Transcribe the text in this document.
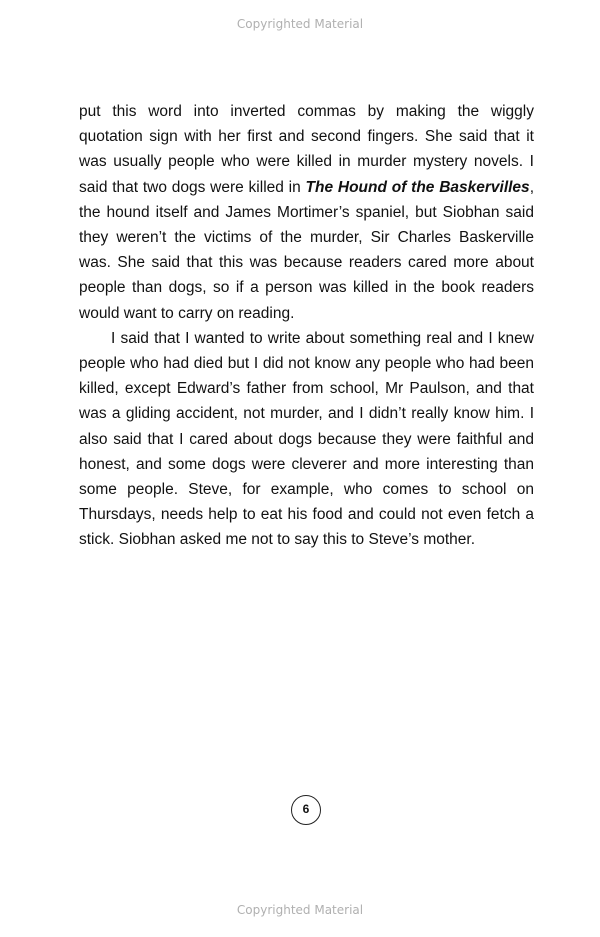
Copyrighted Material

put this word into inverted commas by making the wiggly quotation sign with her first and second fingers. She said that it was usually people who were killed in murder mystery novels. I said that two dogs were killed in The Hound of the Baskervilles, the hound itself and James Mortimer’s spaniel, but Siobhan said they weren’t the victims of the murder, Sir Charles Baskerville was. She said that this was because readers cared more about people than dogs, so if a person was killed in the book readers would want to carry on reading.

I said that I wanted to write about something real and I knew people who had died but I did not know any people who had been killed, except Edward’s father from school, Mr Paulson, and that was a gliding accident, not murder, and I didn’t really know him. I also said that I cared about dogs because they were faithful and honest, and some dogs were cleverer and more interesting than some people. Steve, for example, who comes to school on Thursdays, needs help to eat his food and could not even fetch a stick. Siobhan asked me not to say this to Steve’s mother.

6
Copyrighted Material
